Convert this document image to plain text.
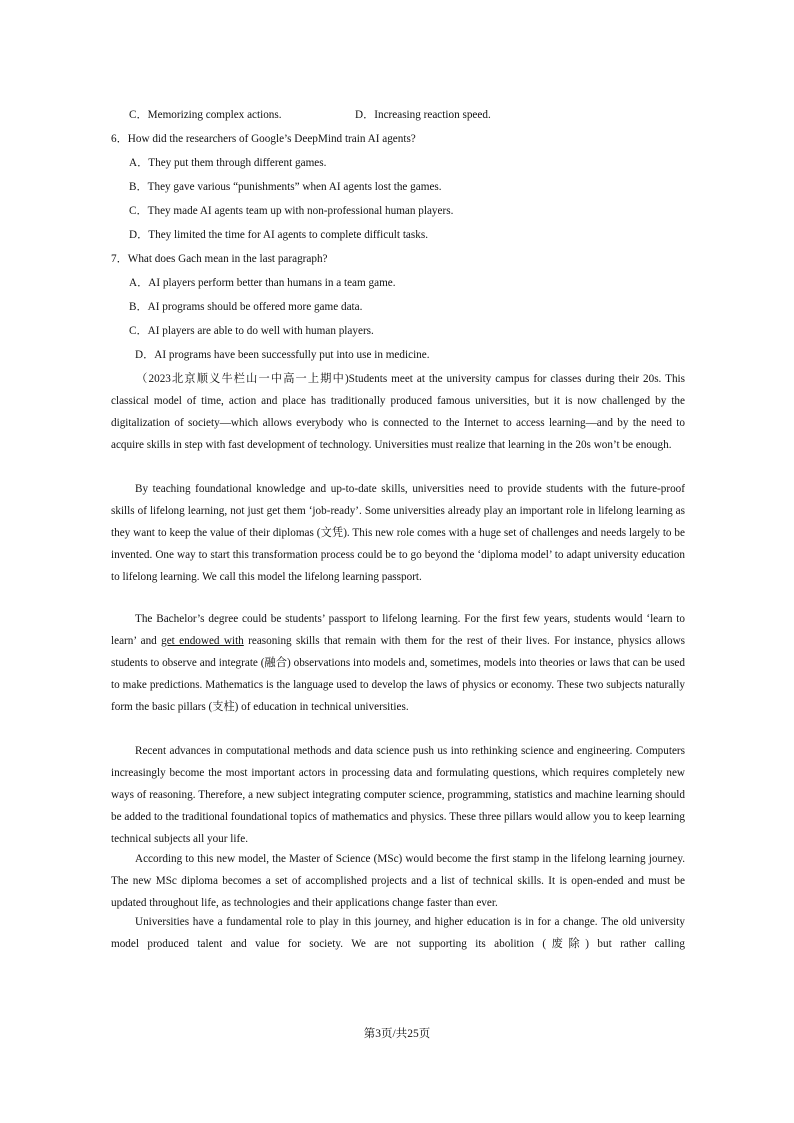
C．Memorizing complex actions.	D．Increasing reaction speed.
6．How did the researchers of Google’s DeepMind train AI agents?
A．They put them through different games.
B．They gave various “punishments” when AI agents lost the games.
C．They made AI agents team up with non-professional human players.
D．They limited the time for AI agents to complete difficult tasks.
7．What does Gach mean in the last paragraph?
A．AI players perform better than humans in a team game.
B．AI programs should be offered more game data.
C．AI players are able to do well with human players.
D．AI programs have been successfully put into use in medicine.

（2023北京顺义牛栏山一中高一上期中)Students meet at the university campus for classes during their 20s. This classical model of time, action and place has traditionally produced famous universities, but it is now challenged by the digitalization of society—which allows everybody who is connected to the Internet to access learning—and by the need to acquire skills in step with fast development of technology. Universities must realize that learning in the 20s won’t be enough.

By teaching foundational knowledge and up-to-date skills, universities need to provide students with the future-proof skills of lifelong learning, not just get them ‘job-ready’. Some universities already play an important role in lifelong learning as they want to keep the value of their diplomas (文凭). This new role comes with a huge set of challenges and needs largely to be invented. One way to start this transformation process could be to go beyond the ‘diploma model’ to adapt university education to lifelong learning. We call this model the lifelong learning passport.

The Bachelor’s degree could be students’ passport to lifelong learning. For the first few years, students would ‘learn to learn’ and get endowed with reasoning skills that remain with them for the rest of their lives. For instance, physics allows students to observe and integrate (融合) observations into models and, sometimes, models into theories or laws that can be used to make predictions. Mathematics is the language used to develop the laws of physics or economy. These two subjects naturally form the basic pillars (支柱) of education in technical universities.

Recent advances in computational methods and data science push us into rethinking science and engineering. Computers increasingly become the most important actors in processing data and formulating questions, which requires completely new ways of reasoning. Therefore, a new subject integrating computer science, programming, statistics and machine learning should be added to the traditional foundational topics of mathematics and physics. These three pillars would allow you to keep learning technical subjects all your life.

According to this new model, the Master of Science (MSc) would become the first stamp in the lifelong learning journey. The new MSc diploma becomes a set of accomplished projects and a list of technical skills. It is open-ended and must be updated throughout life, as technologies and their applications change faster than ever.

Universities have a fundamental role to play in this journey, and higher education is in for a change. The old university model produced talent and value for society. We are not supporting its abolition (废除) but rather calling

第3页/共25页
